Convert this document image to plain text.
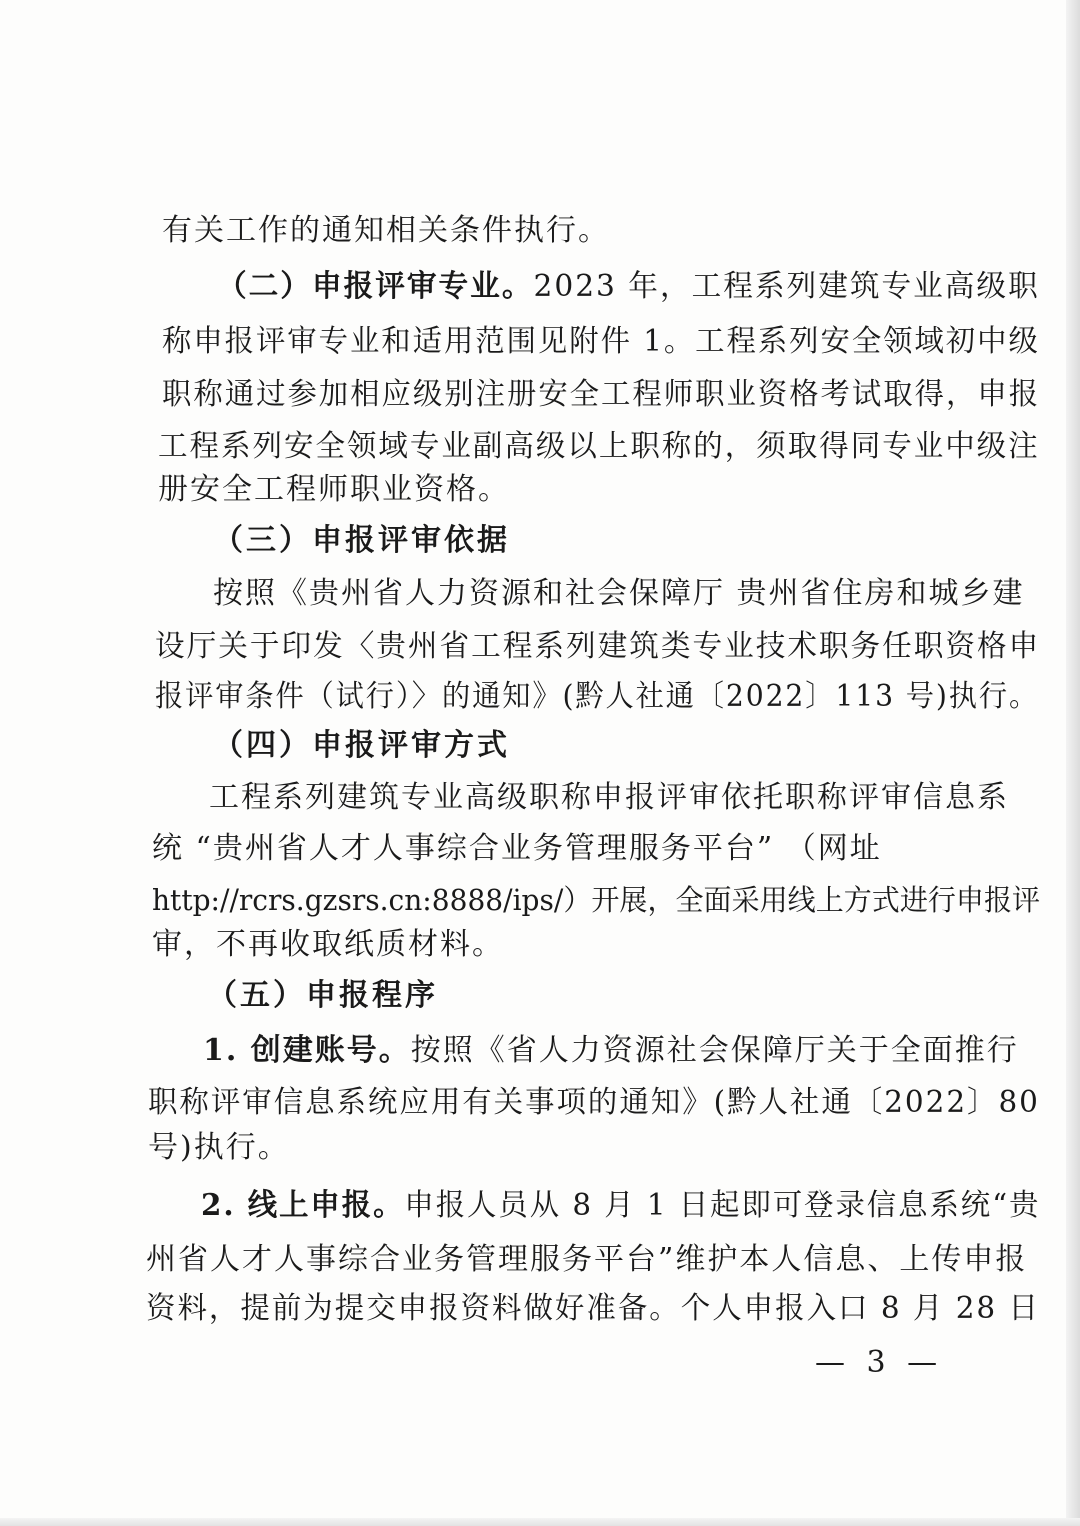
有关工作的通知相关条件执行。
（二）申报评审专业。2023 年，工程系列建筑专业高级职
称申报评审专业和适用范围见附件 1。工程系列安全领域初中级
职称通过参加相应级别注册安全工程师职业资格考试取得，申报
工程系列安全领域专业副高级以上职称的，须取得同专业中级注
册安全工程师职业资格。
（三）申报评审依据
按照《贵州省人力资源和社会保障厅 贵州省住房和城乡建
设厅关于印发〈贵州省工程系列建筑类专业技术职务任职资格申
报评审条件（试行）〉的通知》(黔人社通〔2022〕113 号)执行。
（四）申报评审方式
工程系列建筑专业高级职称申报评审依托职称评审信息系
统 “贵州省人才人事综合业务管理服务平台” （网址
http://rcrs.gzsrs.cn:8888/ips/）开展，全面采用线上方式进行申报评
审，不再收取纸质材料。
（五）申报程序
1. 创建账号。按照《省人力资源社会保障厅关于全面推行
职称评审信息系统应用有关事项的通知》(黔人社通〔2022〕80
号)执行。
2. 线上申报。申报人员从 8 月 1 日起即可登录信息系统“贵
州省人才人事综合业务管理服务平台”维护本人信息、上传申报
资料，提前为提交申报资料做好准备。个人申报入口 8 月 28 日
— 3 —
